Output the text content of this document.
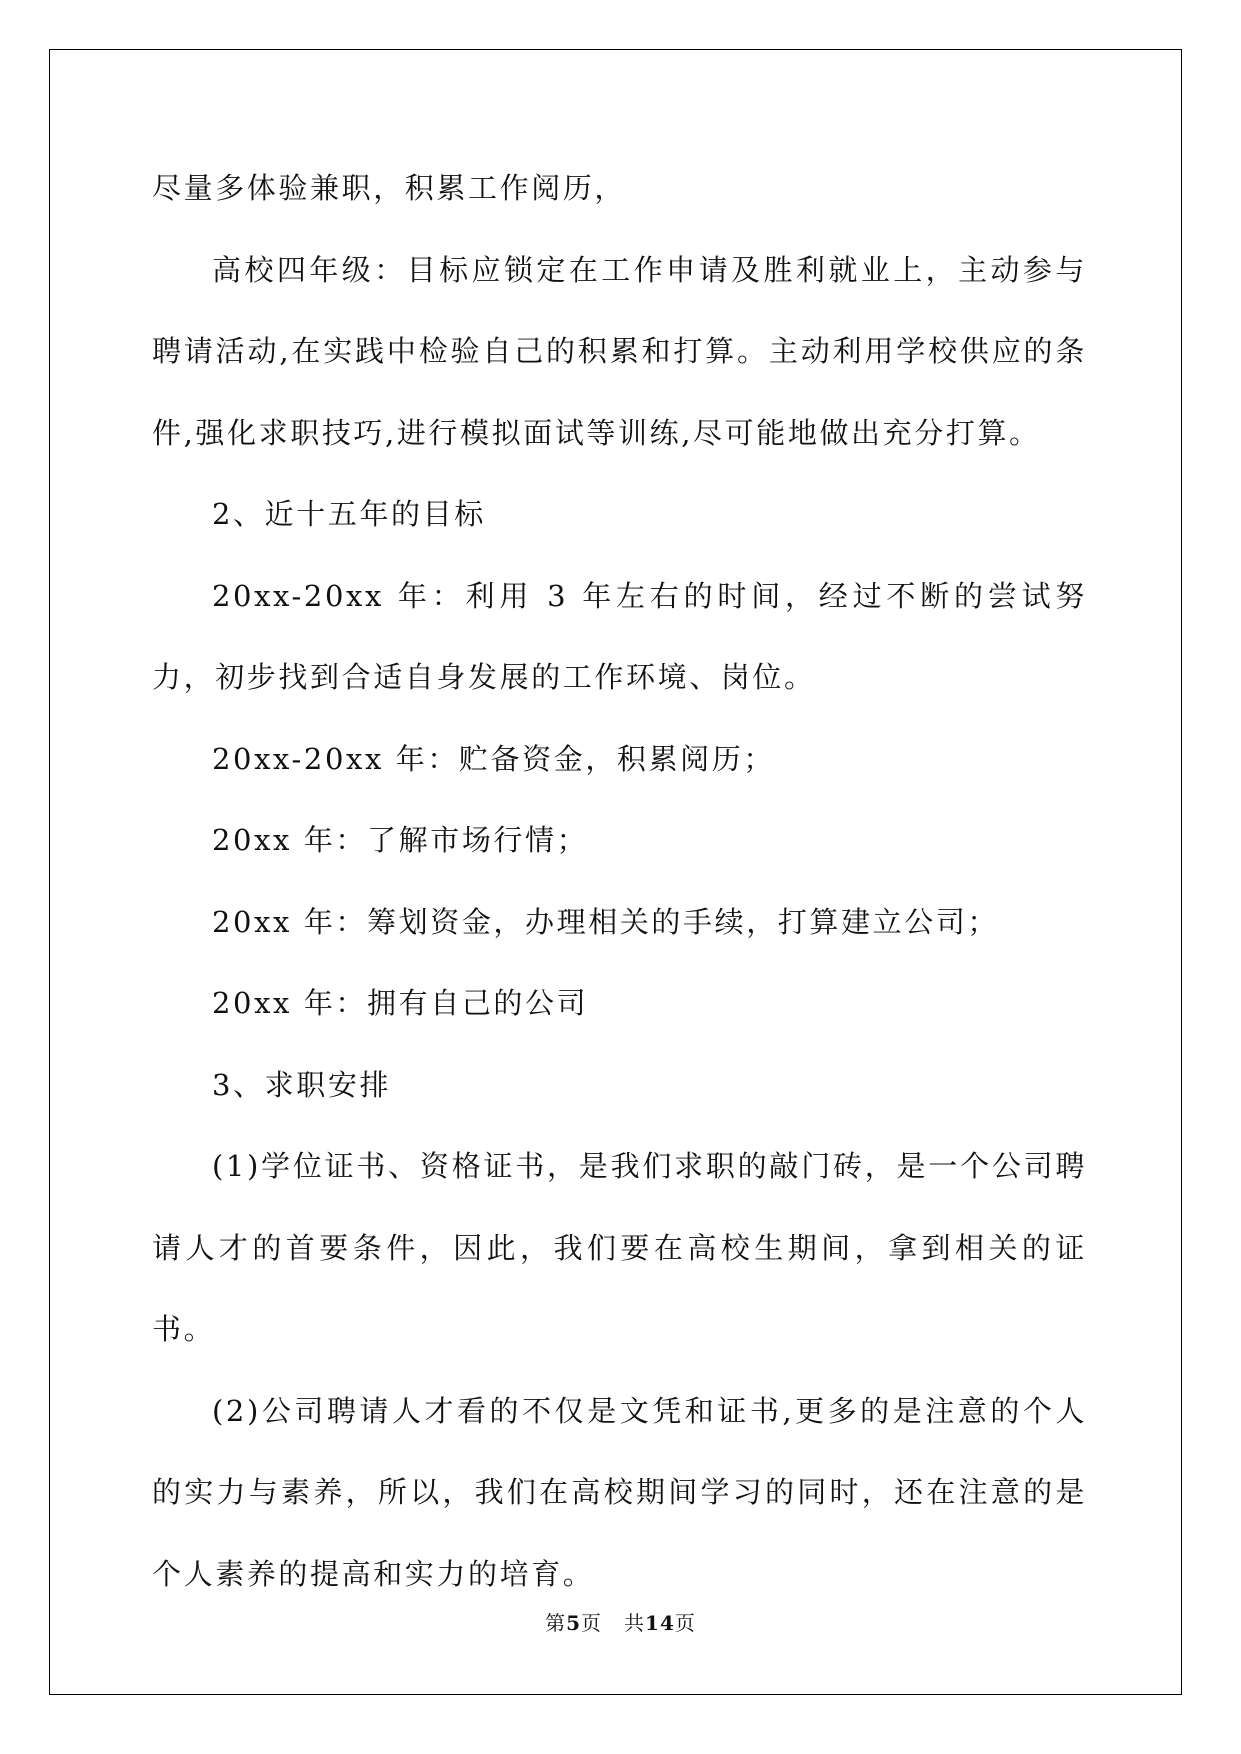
尽量多体验兼职，积累工作阅历，

高校四年级：目标应锁定在工作申请及胜利就业上，主动参与聘请活动,在实践中检验自己的积累和打算。主动利用学校供应的条件,强化求职技巧,进行模拟面试等训练,尽可能地做出充分打算。

2、近十五年的目标

20xx-20xx 年：利用 3 年左右的时间，经过不断的尝试努力，初步找到合适自身发展的工作环境、岗位。

20xx-20xx 年：贮备资金，积累阅历；

20xx 年：了解市场行情；

20xx 年：筹划资金，办理相关的手续，打算建立公司；

20xx 年：拥有自己的公司

3、求职安排

(1)学位证书、资格证书，是我们求职的敲门砖，是一个公司聘请人才的首要条件，因此，我们要在高校生期间，拿到相关的证书。

(2)公司聘请人才看的不仅是文凭和证书,更多的是注意的个人的实力与素养，所以，我们在高校期间学习的同时，还在注意的是个人素养的提高和实力的培育。

第5页 共14页
